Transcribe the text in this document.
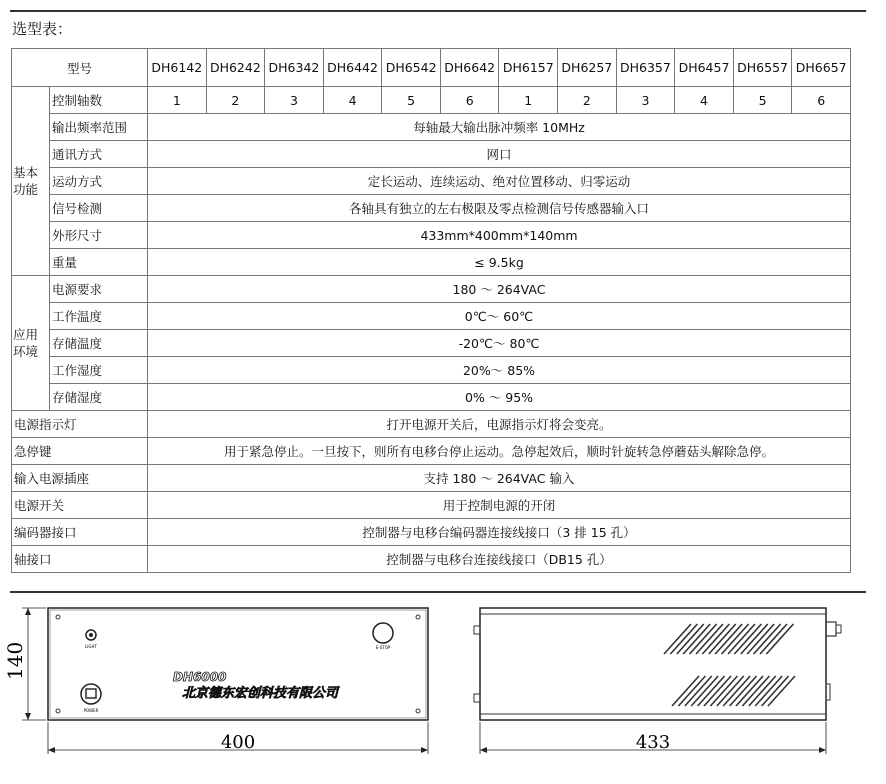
选型表：
型号		DH6142	DH6242	DH6342	DH6442	DH6542	DH6642	DH6157	DH6257	DH6357	DH6457	DH6557	DH6657
基本功能	控制轴数	1	2	3	4	5	6	1	2	3	4	5	6
	输出频率范围	每轴最大输出脉冲频率 10MHz											
	通讯方式	网口											
	运动方式	定长运动、连续运动、绝对位置移动、归零运动											
	信号检测	各轴具有独立的左右极限及零点检测信号传感器输入口											
	外形尺寸	433mm*400mm*140mm											
	重量	≤ 9.5kg											
应用环境	电源要求	180 ～ 264VAC											
	工作温度	0℃～ 60℃											
	存储温度	-20℃～ 80℃											
	工作湿度	20%～ 85%											
	存储湿度	0% ～ 95%											
电源指示灯		打开电源开关后，电源指示灯将会变亮。											
急停键		用于紧急停止。一旦按下，则所有电移台停止运动。急停起效后，顺时针旋转急停蘑菇头解除急停。											
输入电源插座		支持 180 ～ 264VAC 输入											
电源开关		用于控制电源的开闭											
编码器接口		控制器与电移台编码器连接线接口（3 排 15 孔）											
轴接口		控制器与电移台连接线接口（DB15 孔）											
LIGHT	E-STOP
POWER
DH6000
北京德东宏创科技有限公司
140
400	433
